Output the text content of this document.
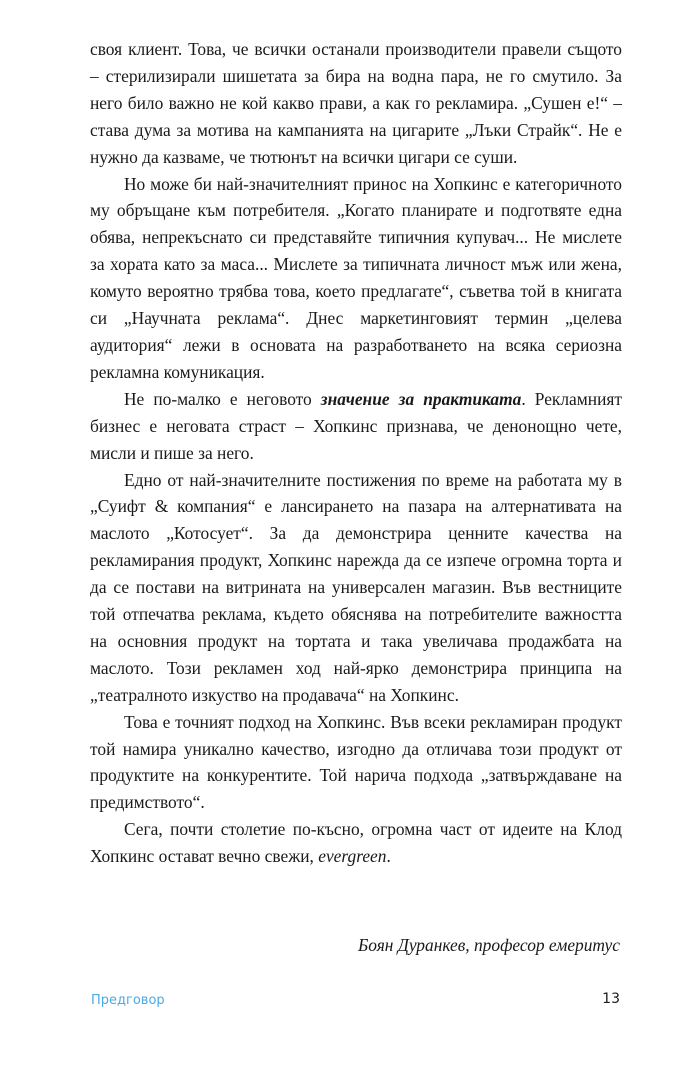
своя клиент. Това, че всички останали производители правели същото – стерилизирали шишетата за бира на водна пара, не го смутило. За него било важно не кой какво прави, а как го рекламира. „Сушен е!“ – става дума за мотива на кампанията на цигарите „Лъки Страйк“. Не е нужно да казваме, че тютюнът на всички цигари се суши.

Но може би най-значителният принос на Хопкинс е категоричното му обръщане към потребителя. „Когато планирате и подготвяте една обява, непрекъснато си представяйте типичния купувач... Не мислете за хората като за маса... Мислете за типичната личност мъж или жена, комуто вероятно трябва това, което предлагате“, съветва той в книгата си „Научната реклама“. Днес маркетинговият термин „целева аудитория“ лежи в основата на разработването на всяка сериозна рекламна комуникация.

Не по-малко е неговото значение за практиката. Рекламният бизнес е неговата страст – Хопкинс признава, че денонощно чете, мисли и пише за него.

Едно от най-значителните постижения по време на работата му в „Суифт & компания“ е лансирането на пазара на алтернативата на маслото „Котосует“. За да демонстрира ценните качества на рекламирания продукт, Хопкинс нарежда да се изпече огромна торта и да се постави на витрината на универсален магазин. Във вестниците той отпечатва реклама, където обяснява на потребителите важността на основния продукт на тортата и така увеличава продажбата на маслото. Този рекламен ход най-ярко демонстрира принципа на „театралното изкуство на продавача“ на Хопкинс.

Това е точният подход на Хопкинс. Във всеки рекламиран продукт той намира уникално качество, изгодно да отличава този продукт от продуктите на конкурентите. Той нарича подхода „затвърждаване на предимството“.

Сега, почти столетие по-късно, огромна част от идеите на Клод Хопкинс остават вечно свежи, evergreen.

Боян Дуранкев, професор емеритус
Предговор	13
